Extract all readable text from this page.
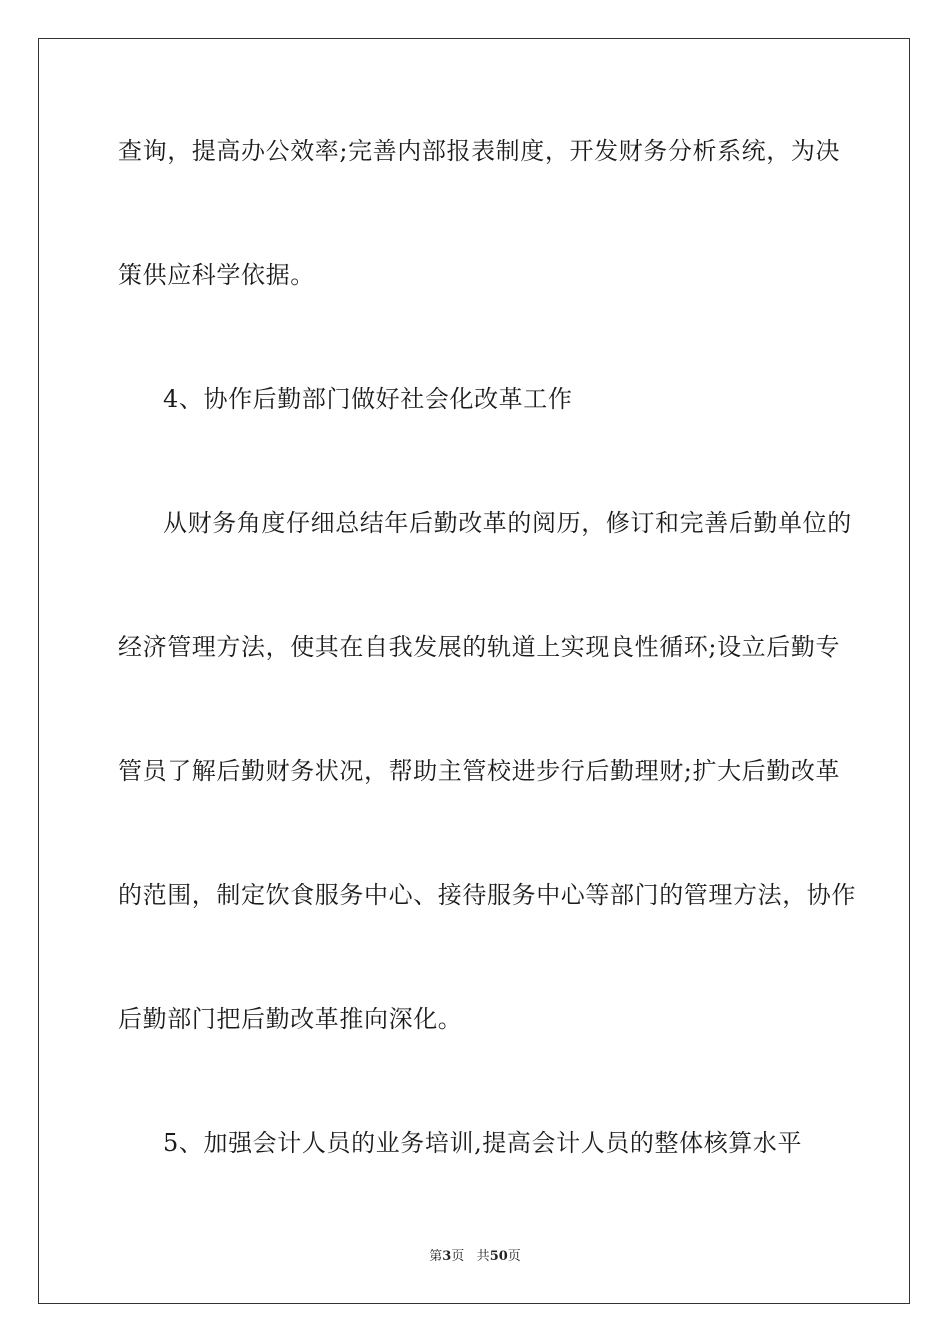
查询，提高办公效率;完善内部报表制度，开发财务分析系统，为决
策供应科学依据。
4、协作后勤部门做好社会化改革工作
从财务角度仔细总结年后勤改革的阅历，修订和完善后勤单位的
经济管理方法，使其在自我发展的轨道上实现良性循环;设立后勤专
管员了解后勤财务状况，帮助主管校进步行后勤理财;扩大后勤改革
的范围，制定饮食服务中心、接待服务中心等部门的管理方法，协作
后勤部门把后勤改革推向深化。
5、加强会计人员的业务培训,提高会计人员的整体核算水平
第3页 共50页
